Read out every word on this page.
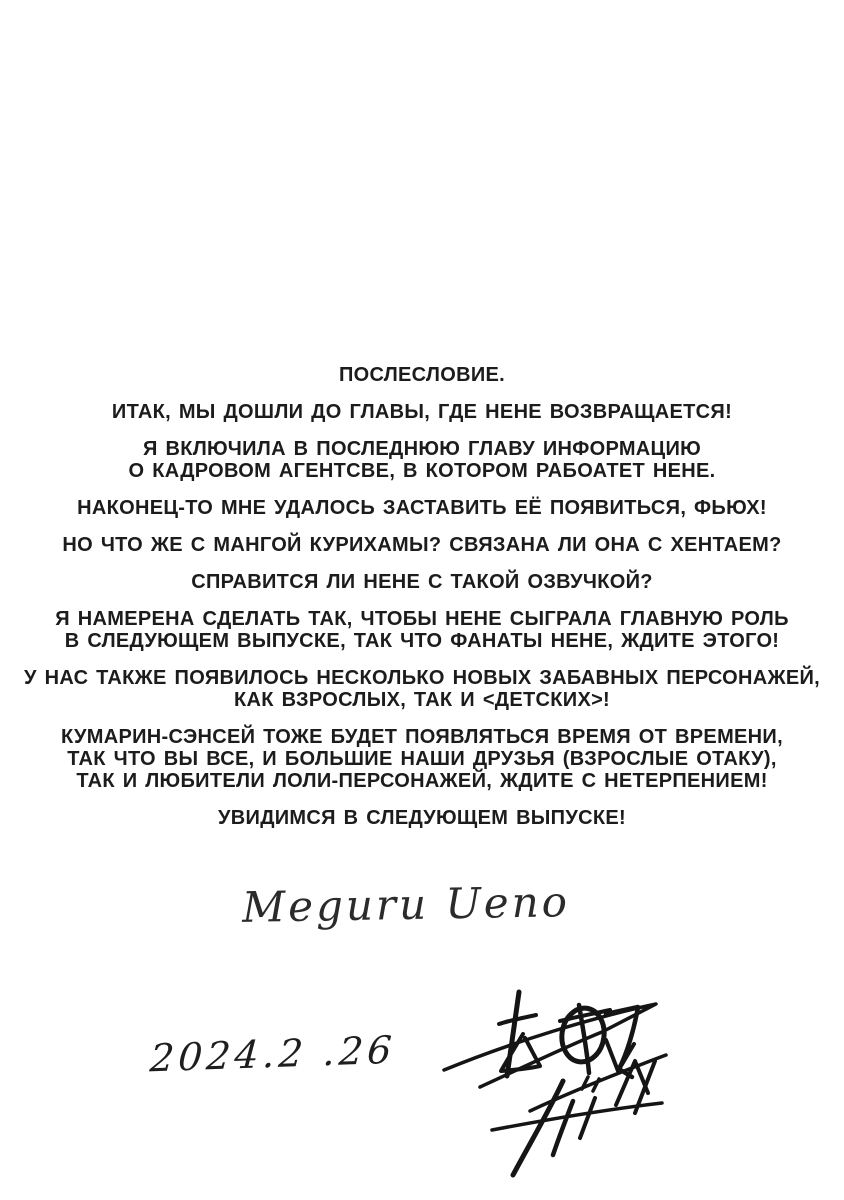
ПОСЛЕСЛОВИЕ.

ИТАК, МЫ ДОШЛИ ДО ГЛАВЫ, ГДЕ НЕНЕ ВОЗВРАЩАЕТСЯ!

Я ВКЛЮЧИЛА В ПОСЛЕДНЮЮ ГЛАВУ ИНФОРМАЦИЮ
О КАДРОВОМ АГЕНТСВЕ, В КОТОРОМ РАБОАТЕТ НЕНЕ.

НАКОНЕЦ-ТО МНЕ УДАЛОСЬ ЗАСТАВИТЬ ЕЁ ПОЯВИТЬСЯ, ФЬЮХ!

НО ЧТО ЖЕ С МАНГОЙ КУРИХАМЫ? СВЯЗАНА ЛИ ОНА С ХЕНТАЕМ?

СПРАВИТСЯ ЛИ НЕНЕ С ТАКОЙ ОЗВУЧКОЙ?

Я НАМЕРЕНА СДЕЛАТЬ ТАК, ЧТОБЫ НЕНЕ СЫГРАЛА ГЛАВНУЮ РОЛЬ
В СЛЕДУЮЩЕМ ВЫПУСКЕ, ТАК ЧТО ФАНАТЫ НЕНЕ, ЖДИТЕ ЭТОГО!

У НАС ТАКЖЕ ПОЯВИЛОСЬ НЕСКОЛЬКО НОВЫХ ЗАБАВНЫХ ПЕРСОНАЖЕЙ,
КАК ВЗРОСЛЫХ, ТАК И <ДЕТСКИХ>!

КУМАРИН-СЭНСЕЙ ТОЖЕ БУДЕТ ПОЯВЛЯТЬСЯ ВРЕМЯ ОТ ВРЕМЕНИ,
ТАК ЧТО ВЫ ВСЕ, И БОЛЬШИЕ НАШИ ДРУЗЬЯ (ВЗРОСЛЫЕ ОТАКУ),
ТАК И ЛЮБИТЕЛИ ЛОЛИ-ПЕРСОНАЖЕЙ, ЖДИТЕ С НЕТЕРПЕНИЕМ!

УВИДИМСЯ В СЛЕДУЮЩЕМ ВЫПУСКЕ!

Meguru Ueno
2024.2 .26
